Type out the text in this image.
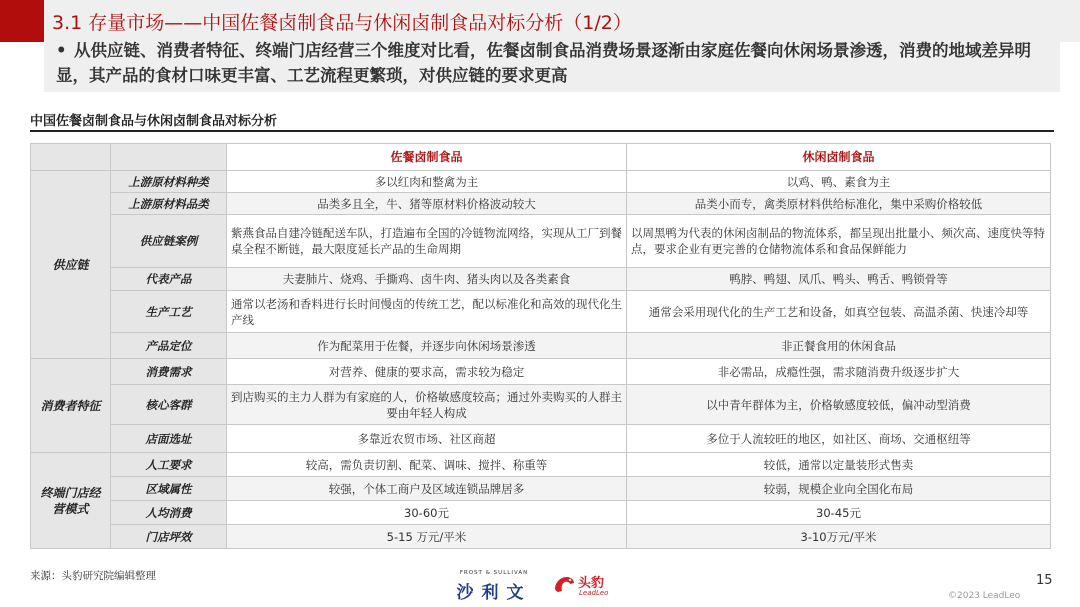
3.1 存量市场——中国佐餐卤制食品与休闲卤制食品对标分析（1/2）
• 从供应链、消费者特征、终端门店经营三个维度对比看，佐餐卤制食品消费场景逐渐由家庭佐餐向休闲场景渗透，消费的地域差异明显，其产品的食材口味更丰富、工艺流程更繁琐，对供应链的要求更高
中国佐餐卤制食品与休闲卤制食品对标分析
		佐餐卤制食品	休闲卤制食品
供应链	上游原材料种类	多以红肉和整禽为主	以鸡、鸭、素食为主
	上游原材料品类	品类多且全，牛、猪等原材料价格波动较大	品类小而专，禽类原材料供给标准化，集中采购价格较低
	供应链案例	紫燕食品自建冷链配送车队，打造遍布全国的冷链物流网络，实现从工厂到餐桌全程不断链，最大限度延长产品的生命周期	以周黑鸭为代表的休闲卤制品的物流体系，都呈现出批量小、频次高、速度快等特点，要求企业有更完善的仓储物流体系和食品保鲜能力
	代表产品	夫妻肺片、烧鸡、手撕鸡、卤牛肉、猪头肉以及各类素食	鸭脖、鸭翅、凤爪、鸭头、鸭舌、鸭锁骨等
	生产工艺	通常以老汤和香料进行长时间慢卤的传统工艺，配以标准化和高效的现代化生产线	通常会采用现代化的生产工艺和设备，如真空包装、高温杀菌、快速冷却等
	产品定位	作为配菜用于佐餐，并逐步向休闲场景渗透	非正餐食用的休闲食品
消费者特征	消费需求	对营养、健康的要求高，需求较为稳定	非必需品，成瘾性强，需求随消费升级逐步扩大
	核心客群	到店购买的主力人群为有家庭的人，价格敏感度较高；通过外卖购买的人群主要由年轻人构成	以中青年群体为主，价格敏感度较低，偏冲动型消费
	店面选址	多靠近农贸市场、社区商超	多位于人流较旺的地区，如社区、商场、交通枢纽等
终端门店经营模式	人工要求	较高，需负责切割、配菜、调味、搅拌、称重等	较低，通常以定量装形式售卖
	区域属性	较强，个体工商户及区域连锁品牌居多	较弱，规模企业向全国化布局
	人均消费	30-60元	30-45元
	门店坪效	5-15 万元/平米	3-10万元/平米
来源：头豹研究院编辑整理	FROST & SULLIVAN
沙利文	头豹
LeadLeo
15
©2023 LeadLeo
